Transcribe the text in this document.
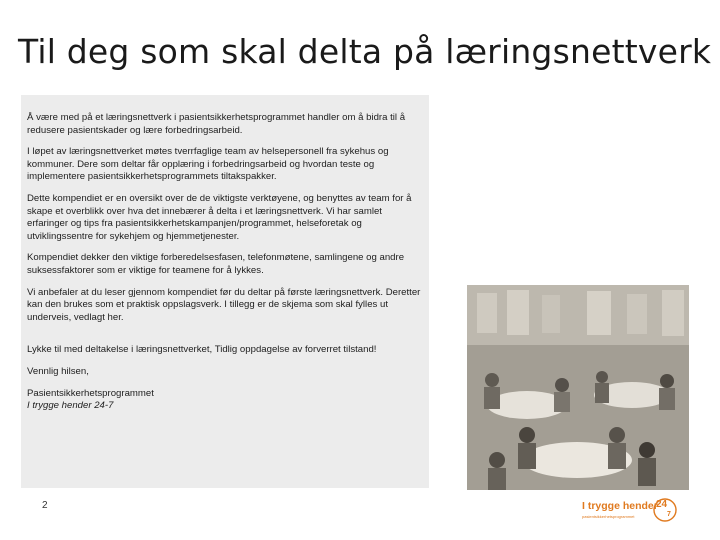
Til deg som skal delta på læringsnettverk

Å være med på et læringsnettverk i pasientsikkerhetsprogrammet handler om å bidra til å redusere pasientskader og lære forbedringsarbeid.

I løpet av læringsnettverket møtes tverrfaglige team av helsepersonell fra sykehus og kommuner. Dere som deltar får opplæring i forbedringsarbeid og hvordan teste og implementere pasientsikkerhetsprogrammets tiltakspakker.

Dette kompendiet er en oversikt over de de viktigste verktøyene, og benyttes av team for å skape et overblikk over hva det innebærer å delta i et læringsnettverk. Vi har samlet erfaringer og tips fra pasientsikkerhetskampanjen/programmet, helseforetak og utviklingssentre for sykehjem og hjemmetjenester.

Kompendiet dekker den viktige forberedelsesfasen, telefonmøtene, samlingene og andre suksessfaktorer som er viktige for teamene for å lykkes.

Vi anbefaler at du leser gjennom kompendiet før du deltar på første læringsnettverk. Deretter kan den brukes som et praktisk oppslagsverk. I tillegg er de skjema som skal fylles ut underveis, vedlagt her.

Lykke til med deltakelse i læringsnettverket, Tidlig oppdagelse av forverret tilstand!

Vennlig hilsen,

Pasientsikkerhetsprogrammet

I trygge hender 24-7

2	I trygge hender
pasientsikkerhetsprogrammet
24
7
